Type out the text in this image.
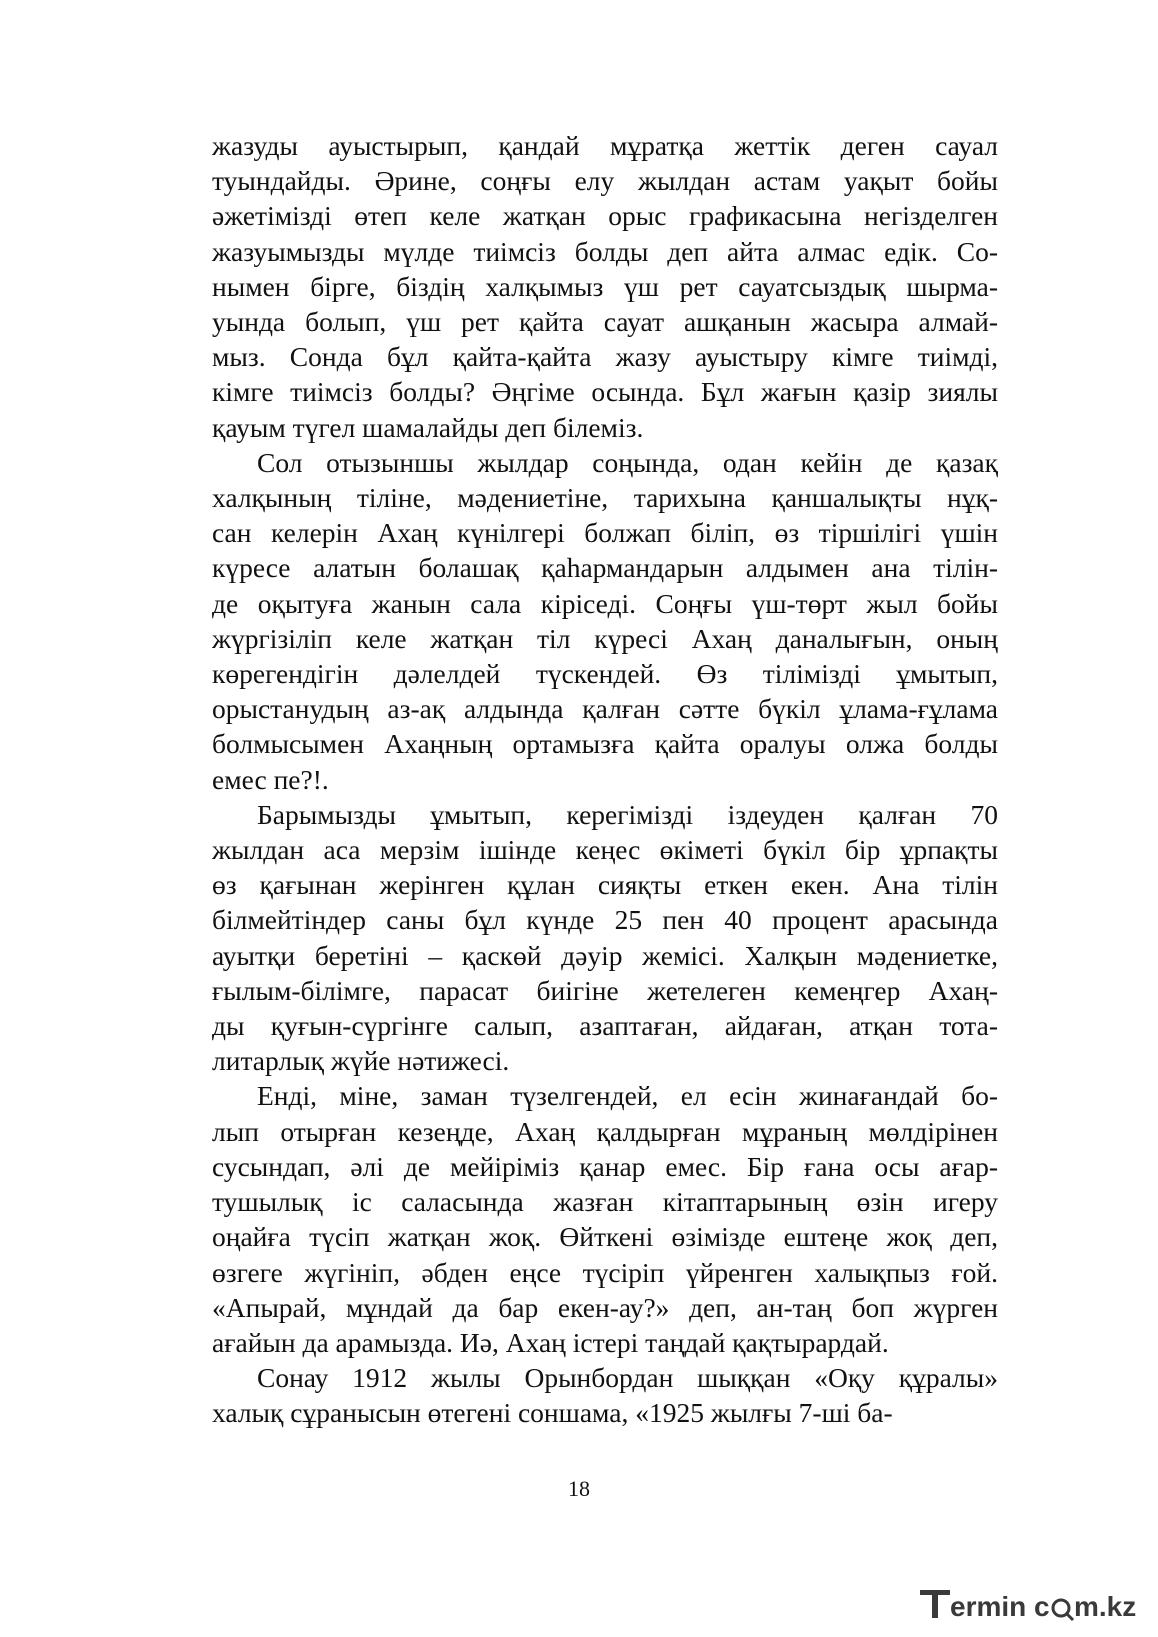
жазуды ауыстырып, қандай мұратқа жеттік деген сауал
туындайды. Әрине, соңғы елу жылдан астам уақыт бойы
әжетімізді өтеп келе жатқан орыс графикасына негізделген
жазуымызды мүлде тиімсіз болды деп айта алмас едік. Со-
нымен бірге, біздің халқымыз үш рет сауатсыздық шырма-
уында болып, үш рет қайта сауат ашқанын жасыра алмай-
мыз. Сонда бұл қайта-қайта жазу ауыстыру кімге тиімді,
кімге тиімсіз болды? Әңгіме осында. Бұл жағын қазір зиялы
қауым түгел шамалайды деп білеміз.

Сол отызыншы жылдар соңында, одан кейін де қазақ
халқының тіліне, мәдениетіне, тарихына қаншалықты нұқ-
сан келерін Ахаң күнілгері болжап біліп, өз тіршілігі үшін
күресе алатын болашақ қаһармандарын алдымен ана тілін-
де оқытуға жанын сала кіріседі. Соңғы үш-төрт жыл бойы
жүргізіліп келе жатқан тіл күресі Ахаң даналығын, оның
көрегендігін дәлелдей түскендей. Өз тілімізді ұмытып,
орыстанудың аз-ақ алдында қалған сәтте бүкіл ұлама-ғұлама
болмысымен Ахаңның ортамызға қайта оралуы олжа болды
емес пе?!.

Барымызды ұмытып, керегімізді іздеуден қалған 70
жылдан аса мерзім ішінде кеңес өкіметі бүкіл бір ұрпақты
өз қағынан жерінген құлан сияқты еткен екен. Ана тілін
білмейтіндер саны бұл күнде 25 пен 40 процент арасында
ауытқи беретіні – қаскөй дәуір жемісі. Халқын мәдениетке,
ғылым-білімге, парасат биігіне жетелеген кемеңгер Ахаң-
ды қуғын-сүргінге салып, азаптаған, айдаған, атқан тота-
литарлық жүйе нәтижесі.

Енді, міне, заман түзелгендей, ел есін жинағандай бо-
лып отырған кезеңде, Ахаң қалдырған мұраның мөлдірінен
сусындап, әлі де мейіріміз қанар емес. Бір ғана осы ағар-
тушылық іс саласында жазған кітаптарының өзін игеру
оңайға түсіп жатқан жоқ. Өйткені өзімізде ештеңе жоқ деп,
өзгеге жүгініп, әбден еңсе түсіріп үйренген халықпыз ғой.
«Апырай, мұндай да бар екен-ау?» деп, ан-таң боп жүрген
ағайын да арамызда. Иә, Ахаң істері таңдай қақтырардай.

Сонау 1912 жылы Орынбордан шыққан «Оқу құралы»
халық сұранысын өтегені соншама, «1925 жылғы 7-ші ба-

18
ermin c m.kz
